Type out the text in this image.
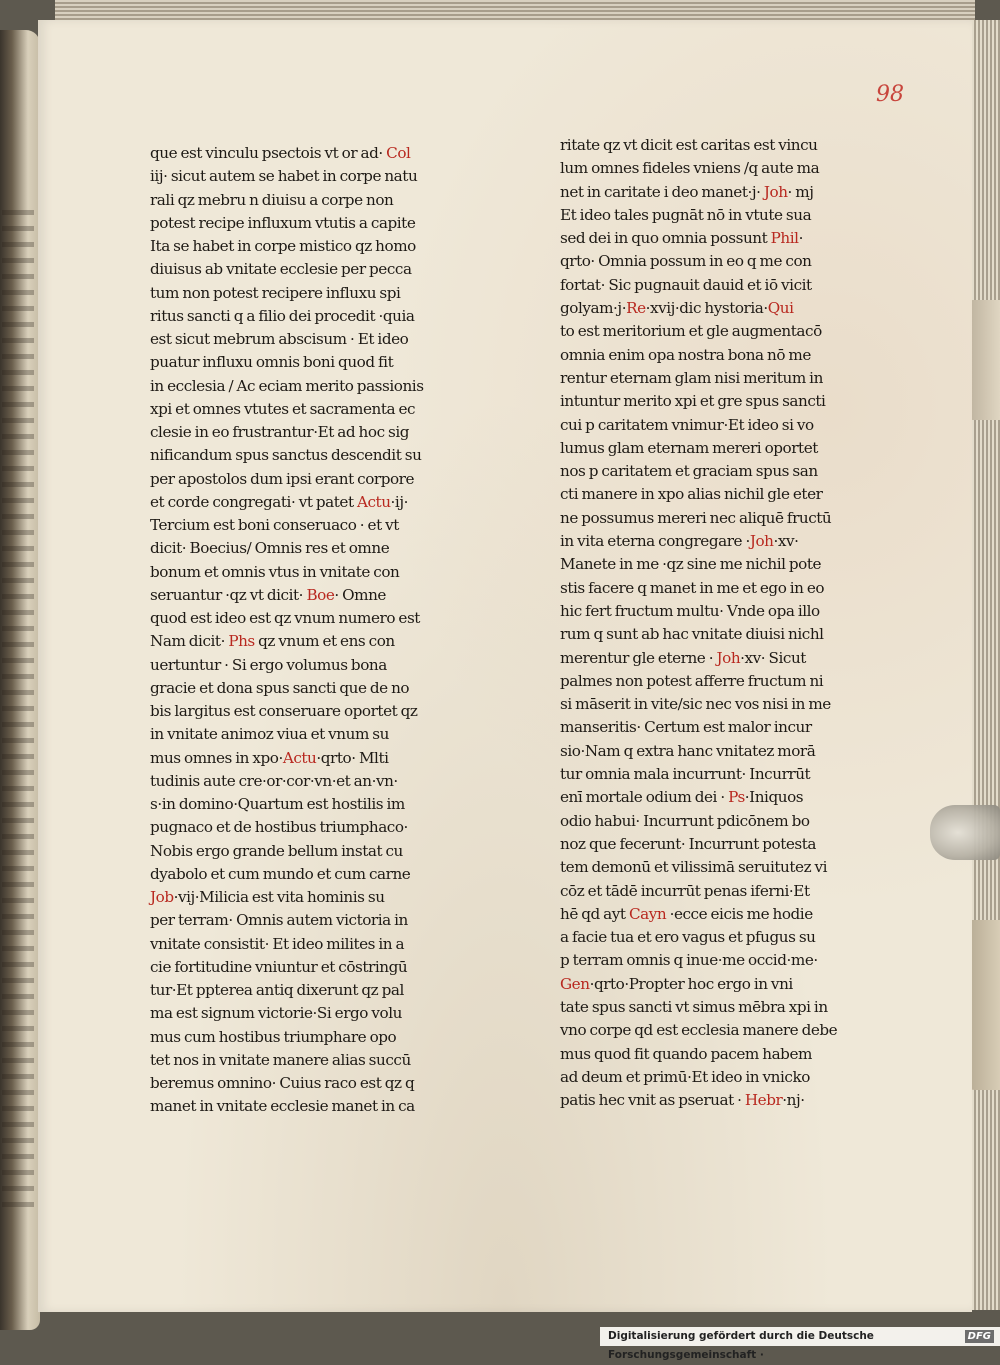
98
que est vinculu psectois vt or ad· Col
iij· sicut autem se habet in corpe natu
rali qz mebru n diuisu a corpe non
potest recipe influxum vtutis a capite
Ita se habet in corpe mistico qz homo
diuisus ab vnitate ecclesie per pecca
tum non potest recipere influxu spi
ritus sancti q a filio dei procedit ·quia
est sicut mebrum abscisum · Et ideo
puatur influxu omnis boni quod fit
in ecclesia / Ac eciam merito passionis
xpi et omnes vtutes et sacramenta ec
clesie in eo frustrantur·Et ad hoc sig
nificandum spus sanctus descendit su
per apostolos dum ipsi erant corpore
et corde congregati· vt patet Actu·ij·
Tercium est boni conseruaco · et vt
dicit· Boecius/ Omnis res et omne
bonum et omnis vtus in vnitate con
seruantur ·qz vt dicit· Boe· Omne
quod est ideo est qz vnum numero est
Nam dicit· Phs qz vnum et ens con
uertuntur · Si ergo volumus bona
gracie et dona spus sancti que de no
bis largitus est conseruare oportet qz
in vnitate animoz viua et vnum su
mus omnes in xpo·Actu·qrto· Mlti
tudinis aute cre·or·cor·vn·et an·vn·
s·in domino·Quartum est hostilis im
pugnaco et de hostibus triumphaco·
Nobis ergo grande bellum instat cu
dyabolo et cum mundo et cum carne
Job·vij·Milicia est vita hominis su
per terram· Omnis autem victoria in
vnitate consistit· Et ideo milites in a
cie fortitudine vniuntur et cōstringū
tur·Et ppterea antiq dixerunt qz pal
ma est signum victorie·Si ergo volu
mus cum hostibus triumphare opo
tet nos in vnitate manere alias succū
beremus omnino· Cuius raco est qz q
manet in vnitate ecclesie manet in ca
ritate qz vt dicit est caritas est vincu
lum omnes fideles vniens /q aute ma
net in caritate i deo manet·j· Joh· mj
Et ideo tales pugnāt nō in vtute sua
sed dei in quo omnia possunt Phil·
qrto· Omnia possum in eo q me con
fortat· Sic pugnauit dauid et iō vicit
golyam·j·Re·xvij·dic hystoria·Qui
to est meritorium et gle augmentacō
omnia enim opa nostra bona nō me
rentur eternam glam nisi meritum in
intuntur merito xpi et gre spus sancti
cui p caritatem vnimur·Et ideo si vo
lumus glam eternam mereri oportet
nos p caritatem et graciam spus san
cti manere in xpo alias nichil gle eter
ne possumus mereri nec aliquē fructū
in vita eterna congregare ·Joh·xv·
Manete in me ·qz sine me nichil pote
stis facere q manet in me et ego in eo
hic fert fructum multu· Vnde opa illo
rum q sunt ab hac vnitate diuisi nichl
merentur gle eterne · Joh·xv· Sicut
palmes non potest afferre fructum ni
si māserit in vite/sic nec vos nisi in me
manseritis· Certum est malor incur
sio·Nam q extra hanc vnitatez morā
tur omnia mala incurrunt· Incurrūt
enī mortale odium dei · Ps·Iniquos
odio habui· Incurrunt pdicōnem bo
noz que fecerunt· Incurrunt potesta
tem demonū et vilissimā seruitutez vi
cōz et tādē incurrūt penas iferni·Et
hē qd ayt Cayn ·ecce eicis me hodie
a facie tua et ero vagus et pfugus su
p terram omnis q inue·me occid·me·
Gen·qrto·Propter hoc ergo in vni
tate spus sancti vt simus mēbra xpi in
vno corpe qd est ecclesia manere debe
mus quod fit quando pacem habem
ad deum et primū·Et ideo in vnicko
patis hec vnit as pseruat · Hebr·nj·
Digitalisierung gefördert durch die Deutsche Forschungsgemeinschaft ·
DFG
